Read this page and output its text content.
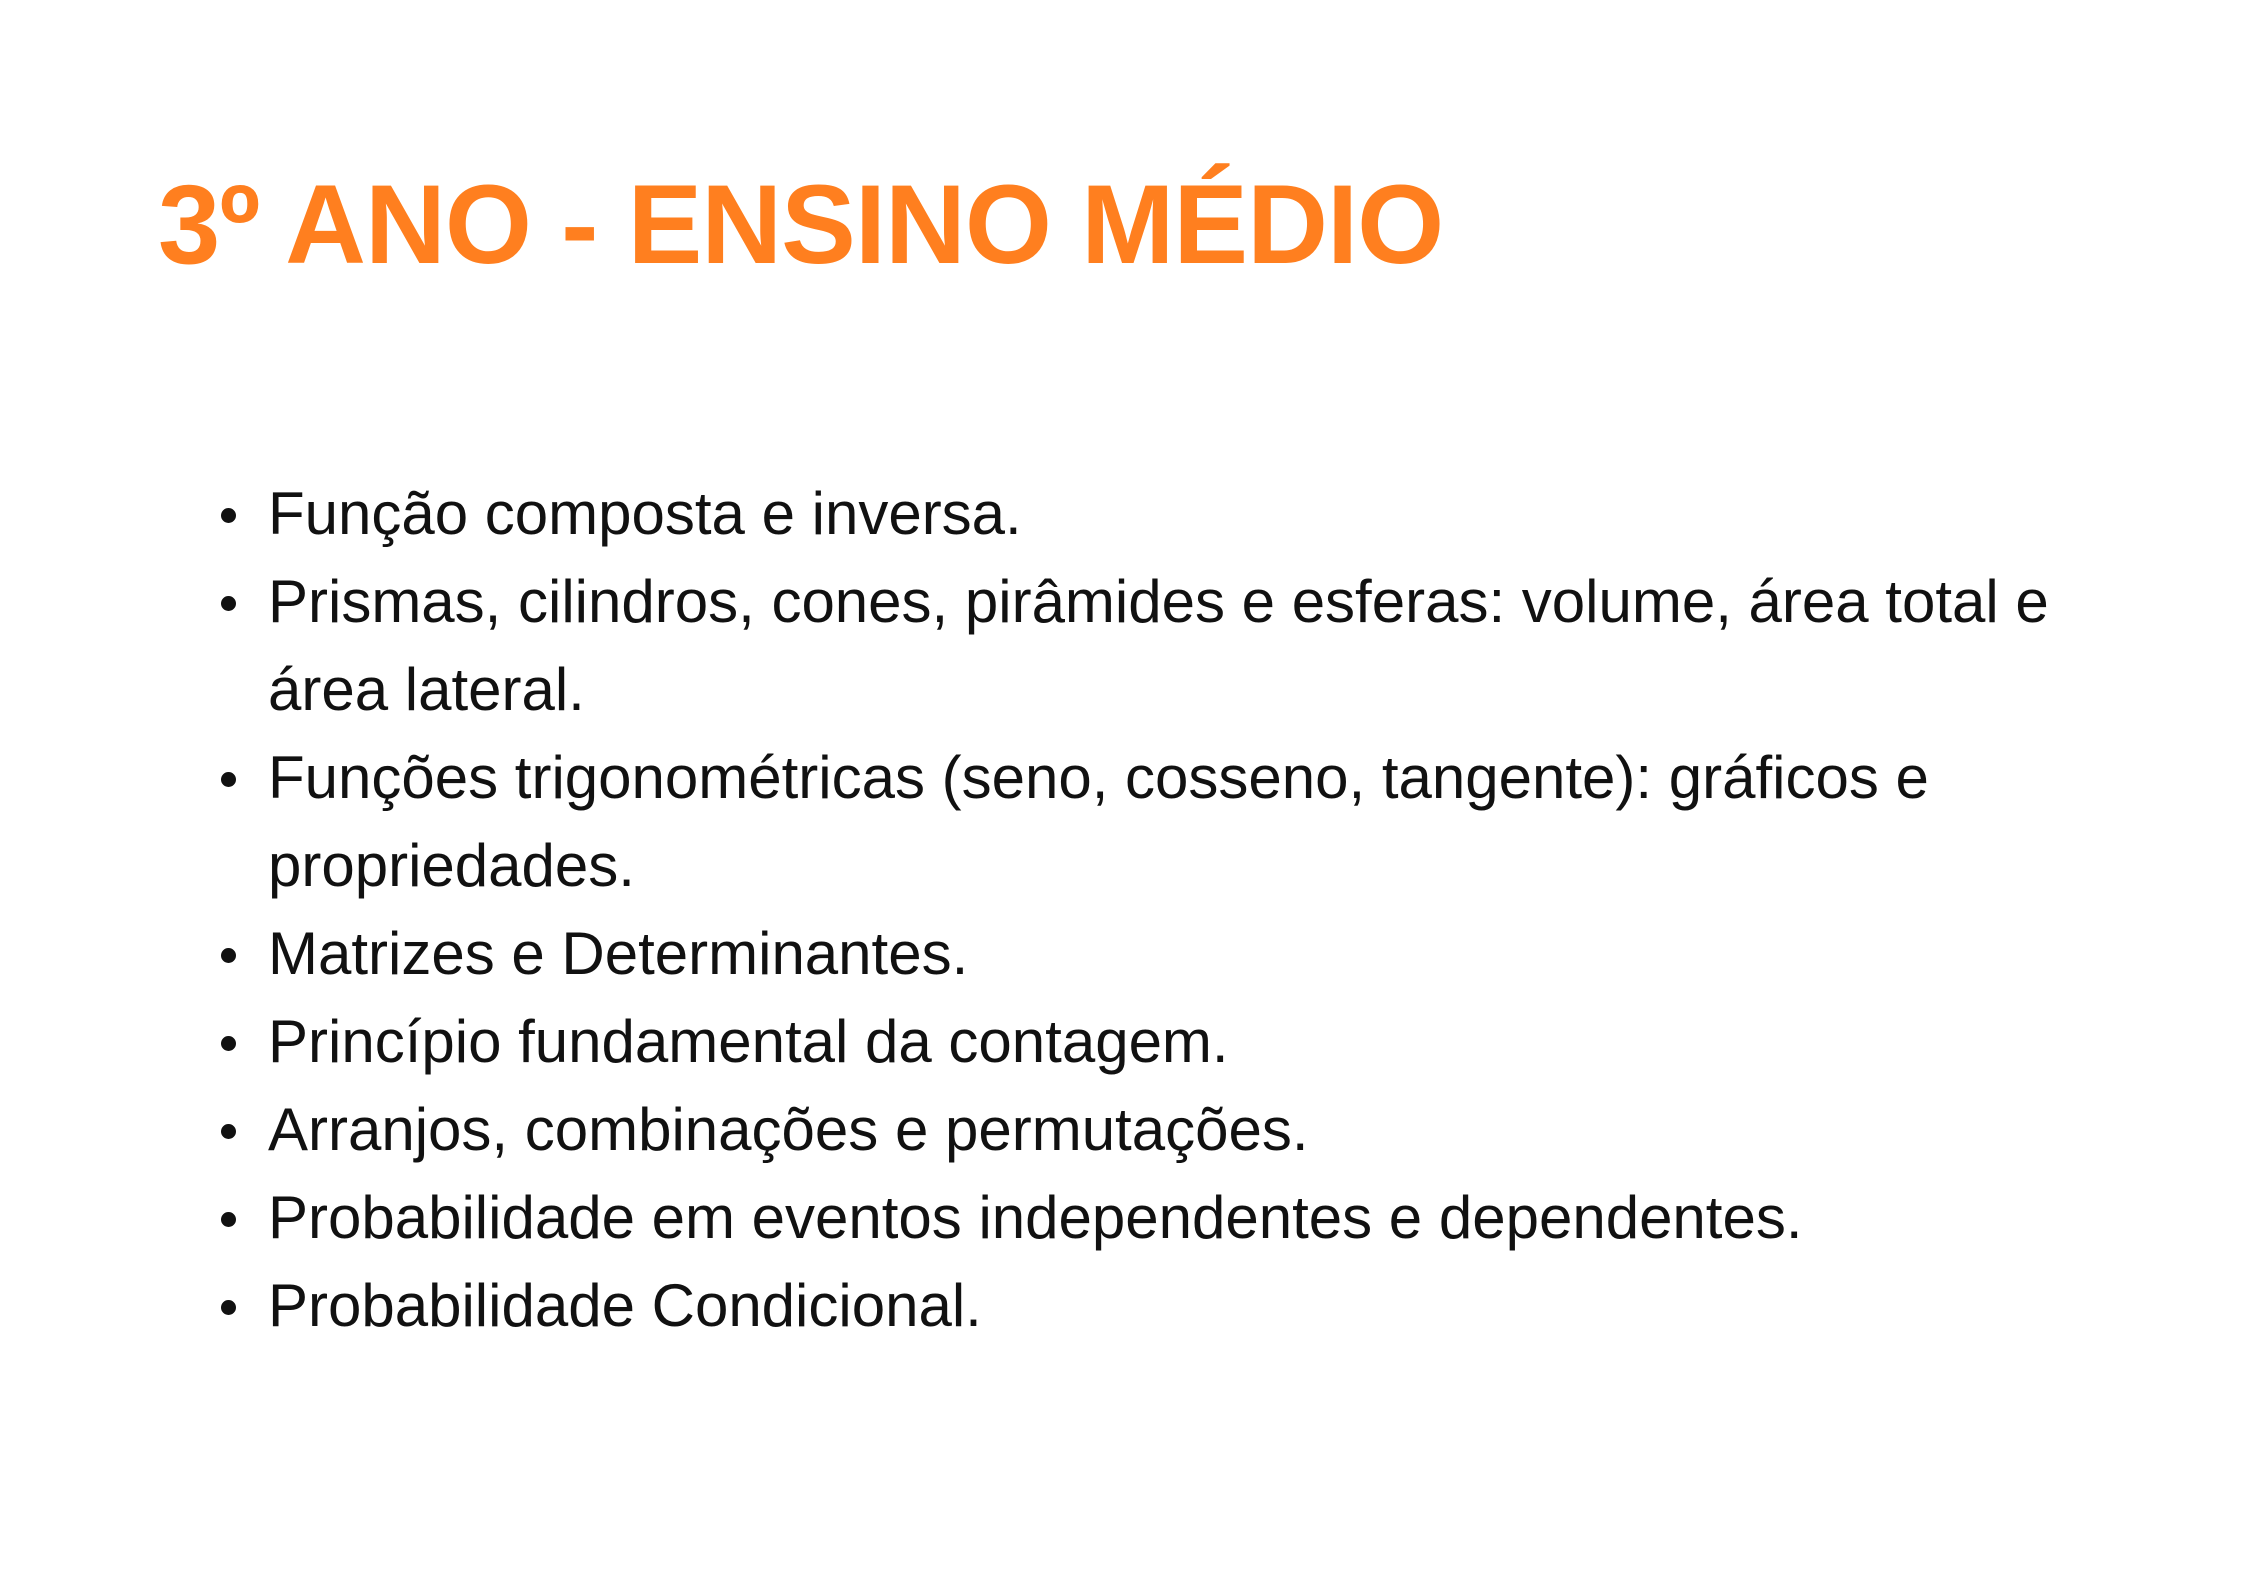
3º ANO - ENSINO MÉDIO
Função composta e inversa.
Prismas, cilindros, cones, pirâmides e esferas: volume, área total e área lateral.
Funções trigonométricas (seno, cosseno, tangente): gráficos e propriedades.
Matrizes e Determinantes.
Princípio fundamental da contagem.
Arranjos, combinações e permutações.
Probabilidade em eventos independentes e dependentes.
Probabilidade Condicional.
